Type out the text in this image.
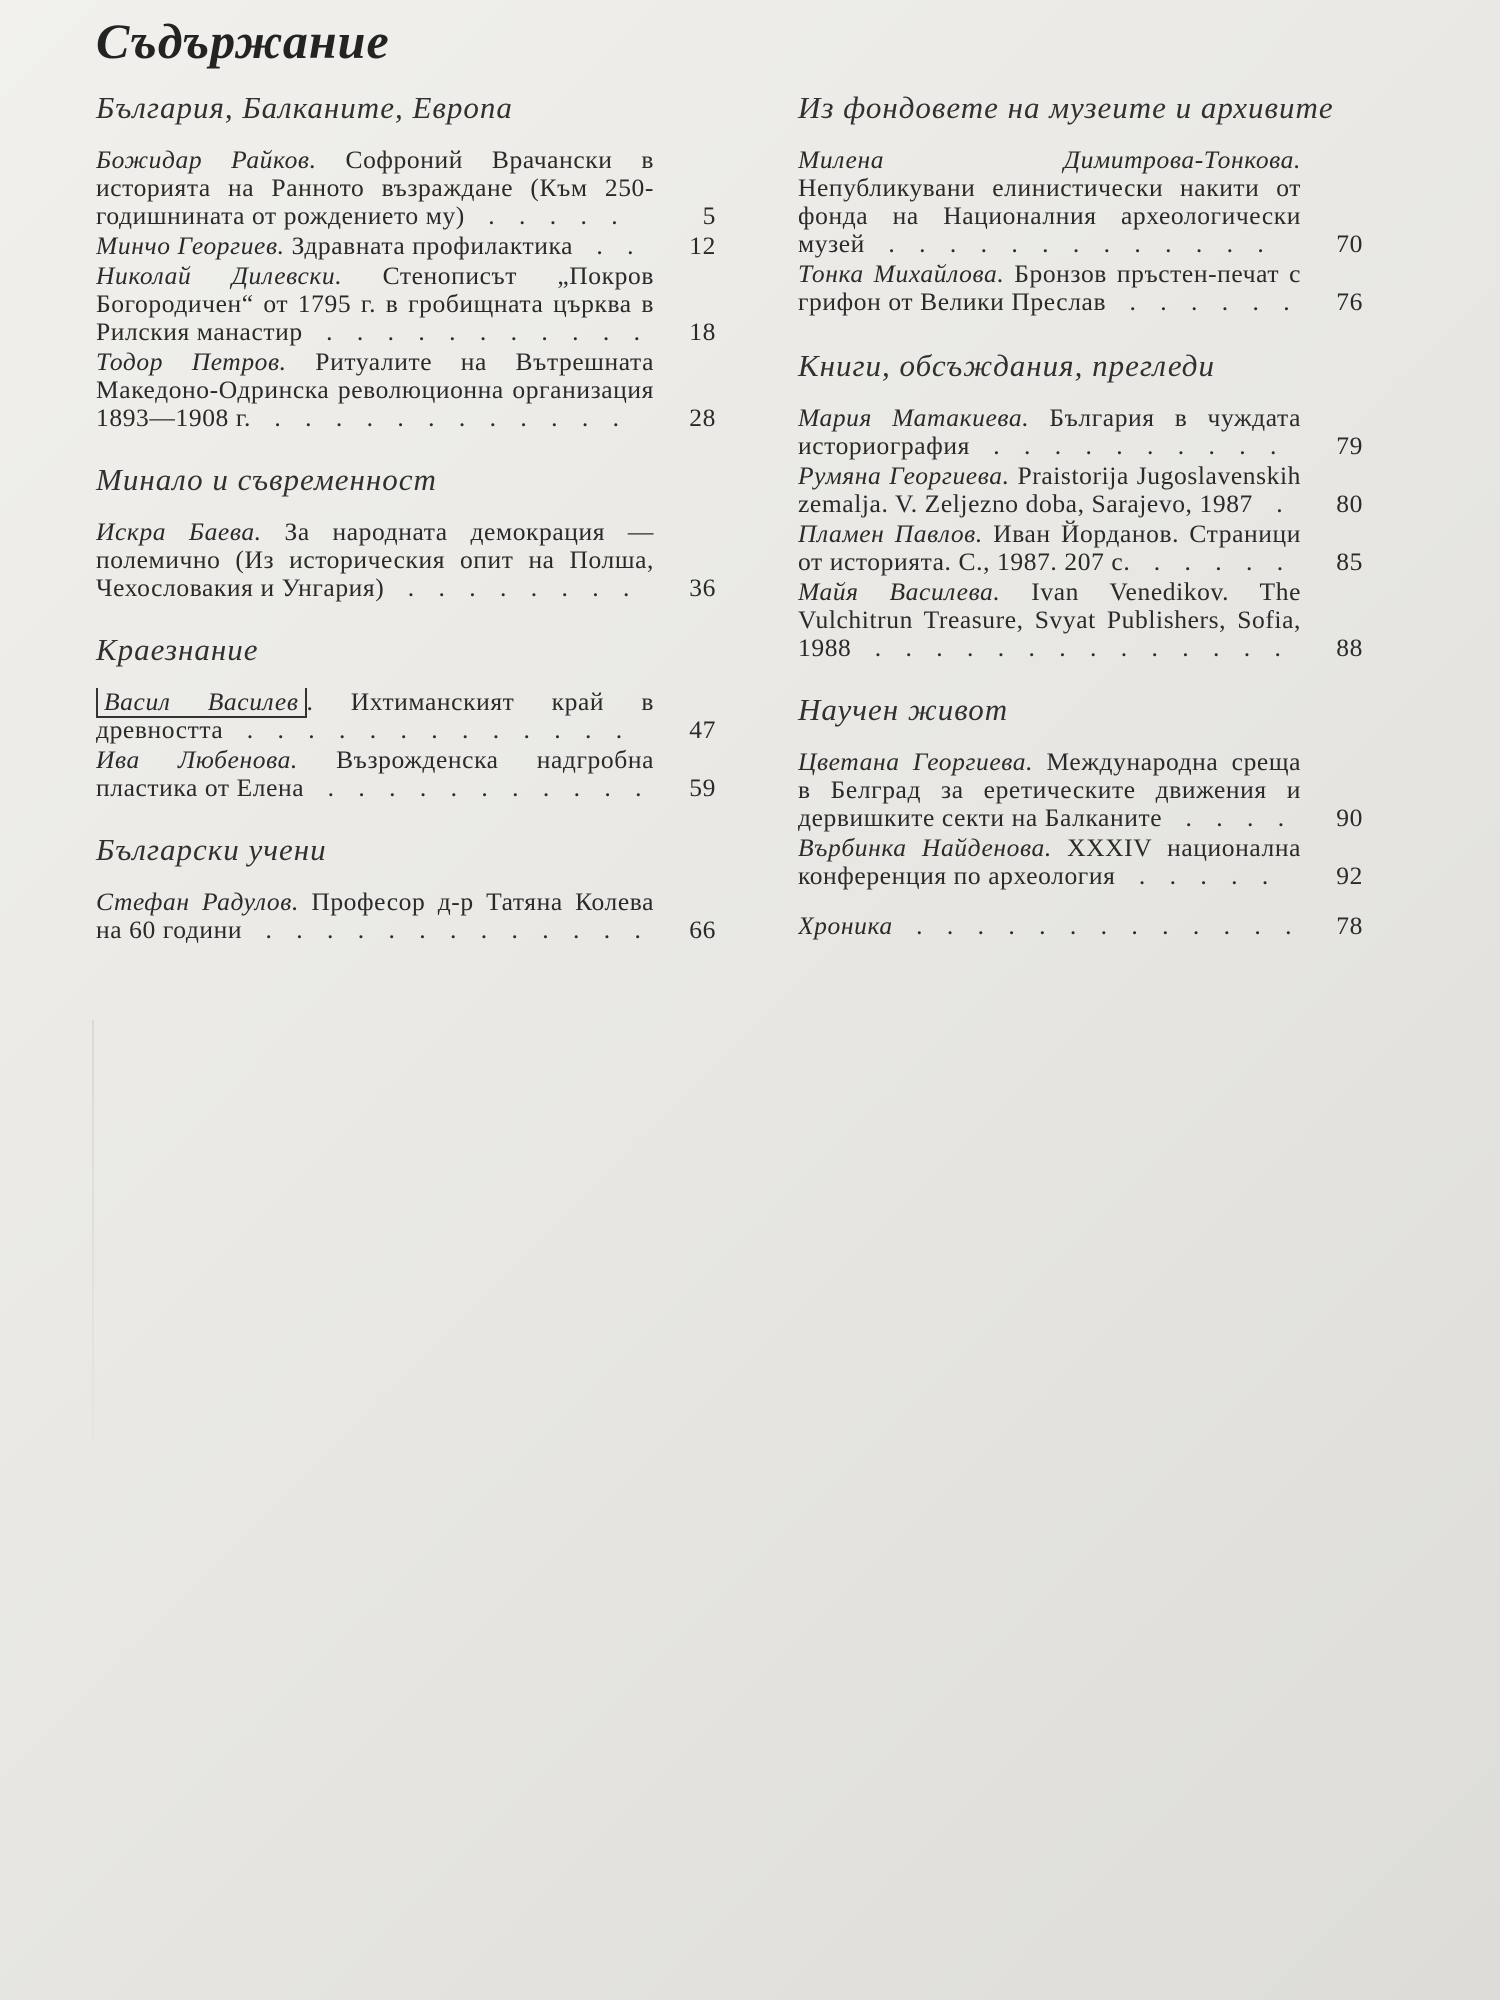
Съдържание
България, Балканите, Европа
Божидар Райков. Софроний Врачански в историята на Ранното възраждане (Към 250-годишнината от рождението му) . . . . .	5
Минчо Георгиев. Здравната профилактика . .	12
Николай Дилевски. Стенописът „Покров Богородичен“ от 1795 г. в гробищната църква в Рилския манастир . . . . . . . . . . .	18
Тодор Петров. Ритуалите на Вътрешната Македоно-Одринска революционна организация 1893—1908 г. . . . . . . . . . . . .	28
Минало и съвременност
Искра Баева. За народната демокрация — полемично (Из историческия опит на Полша, Чехословакия и Унгария) . . . . . . . .	36
Краезнание
Васил Василев . Ихтиманският край в древността . . . . . . . . . . . . .	47
Ива Любенова. Възрожденска надгробна пластика от Елена . . . . . . . . . . .	59
Български учени
Стефан Радулов. Професор д-р Татяна Колева на 60 години . . . . . . . . . . . . .	66
Из фондовете на музеите и архивите
Милена Димитрова-Тонкова. Непубликувани елинистически накити от фонда на Националния археологически музей . . . . . . . . . . . . .	70
Тонка Михайлова. Бронзов пръстен-печат с грифон от Велики Преслав . . . . . .	76
Книги, обсъждания, прегледи
Мария Матакиева. България в чуждата историография . . . . . . . . . .	79
Румяна Георгиева. Praistorija Jugoslavenskih zemalja. V. Zeljezno doba, Sarajevo, 1987 .	80
Пламен Павлов. Иван Йорданов. Страници от историята. С., 1987. 207 с. . . . . .	85
Майя Василева. Ivan Venedikov. The Vulchitrun Treasure, Svyat Publishers, Sofia, 1988 . . . . . . . . . . . . . .	88
Научен живот
Цветана Георгиева. Международна среща в Белград за еретическите движения и дервишките секти на Балканите . . . .	90
Върбинка Найденова. XXXIV национална конференция по археология . . . . .	92
Хроника . . . . . . . . . . . . .	78
